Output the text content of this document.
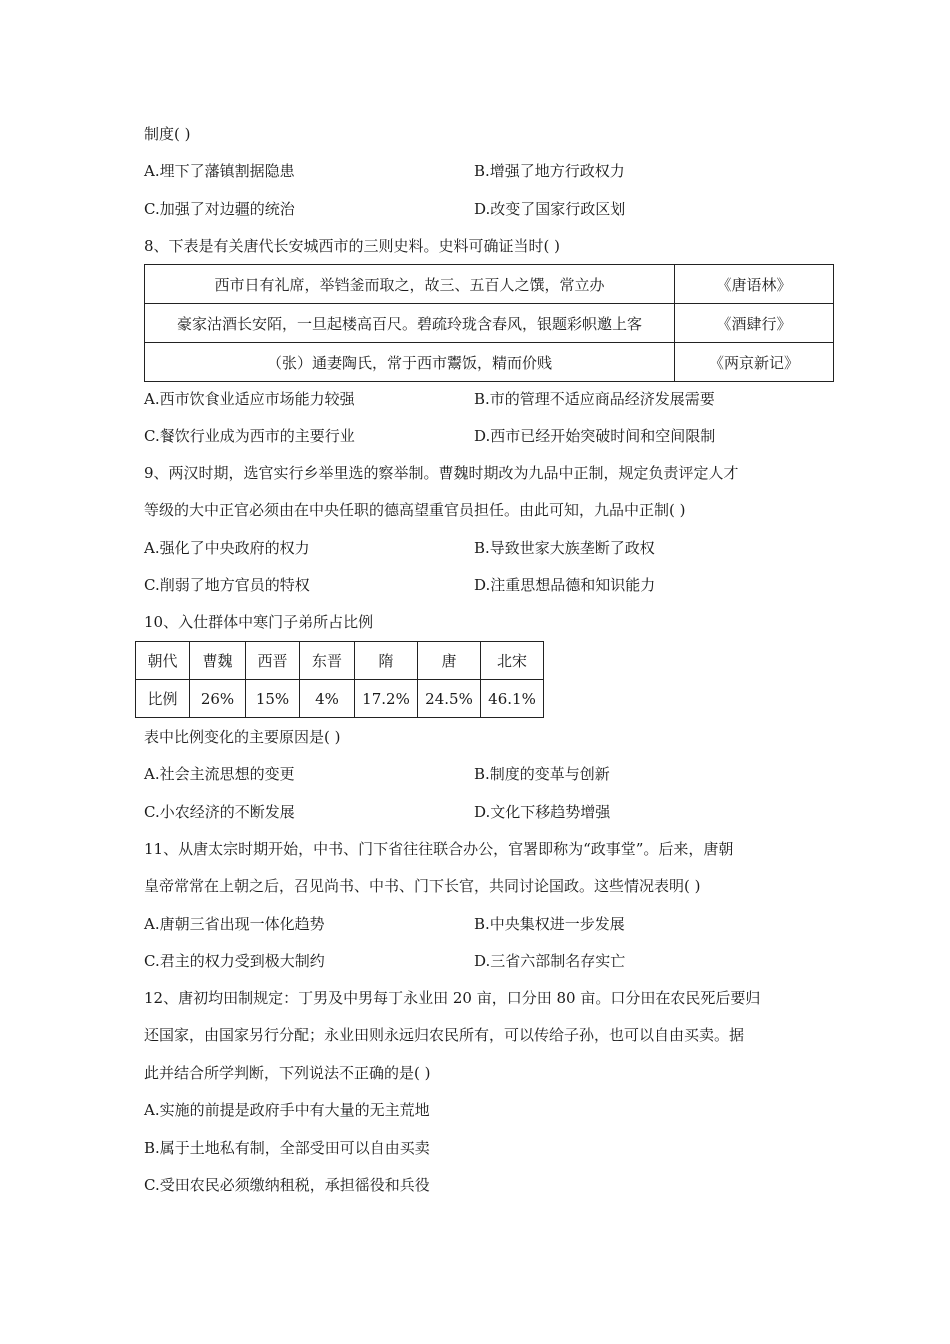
制度( )
A.埋下了藩镇割据隐患	B.增强了地方行政权力
C.加强了对边疆的统治	D.改变了国家行政区划
8、下表是有关唐代长安城西市的三则史料。史料可确证当时( )
西市日有礼席，举铛釜而取之，故三、五百人之馔，常立办	《唐语林》
豪家沽酒长安陌，一旦起楼高百尺。碧疏玲珑含春风，银题彩帜邀上客	《酒肆行》
（张）通妻陶氏，常于西市鬻饭，精而价贱	《两京新记》
A.西市饮食业适应市场能力较强	B.市的管理不适应商品经济发展需要
C.餐饮行业成为西市的主要行业	D.西市已经开始突破时间和空间限制
9、两汉时期，选官实行乡举里选的察举制。曹魏时期改为九品中正制，规定负责评定人才
等级的大中正官必须由在中央任职的德高望重官员担任。由此可知，九品中正制( )
A.强化了中央政府的权力	B.导致世家大族垄断了政权
C.削弱了地方官员的特权	D.注重思想品德和知识能力
10、入仕群体中寒门子弟所占比例
朝代	曹魏	西晋	东晋	隋	唐	北宋
比例	26%	15%	4%	17.2%	24.5%	46.1%
表中比例变化的主要原因是( )
A.社会主流思想的变更	B.制度的变革与创新
C.小农经济的不断发展	D.文化下移趋势增强
11、从唐太宗时期开始，中书、门下省往往联合办公，官署即称为“政事堂”。后来，唐朝
皇帝常常在上朝之后，召见尚书、中书、门下长官，共同讨论国政。这些情况表明( )
A.唐朝三省出现一体化趋势	B.中央集权进一步发展
C.君主的权力受到极大制约	D.三省六部制名存实亡
12、唐初均田制规定：丁男及中男每丁永业田 20 亩，口分田 80 亩。口分田在农民死后要归
还国家，由国家另行分配；永业田则永远归农民所有，可以传给子孙，也可以自由买卖。据
此并结合所学判断，下列说法不正确的是( )
A.实施的前提是政府手中有大量的无主荒地
B.属于土地私有制，全部受田可以自由买卖
C.受田农民必须缴纳租税，承担徭役和兵役
